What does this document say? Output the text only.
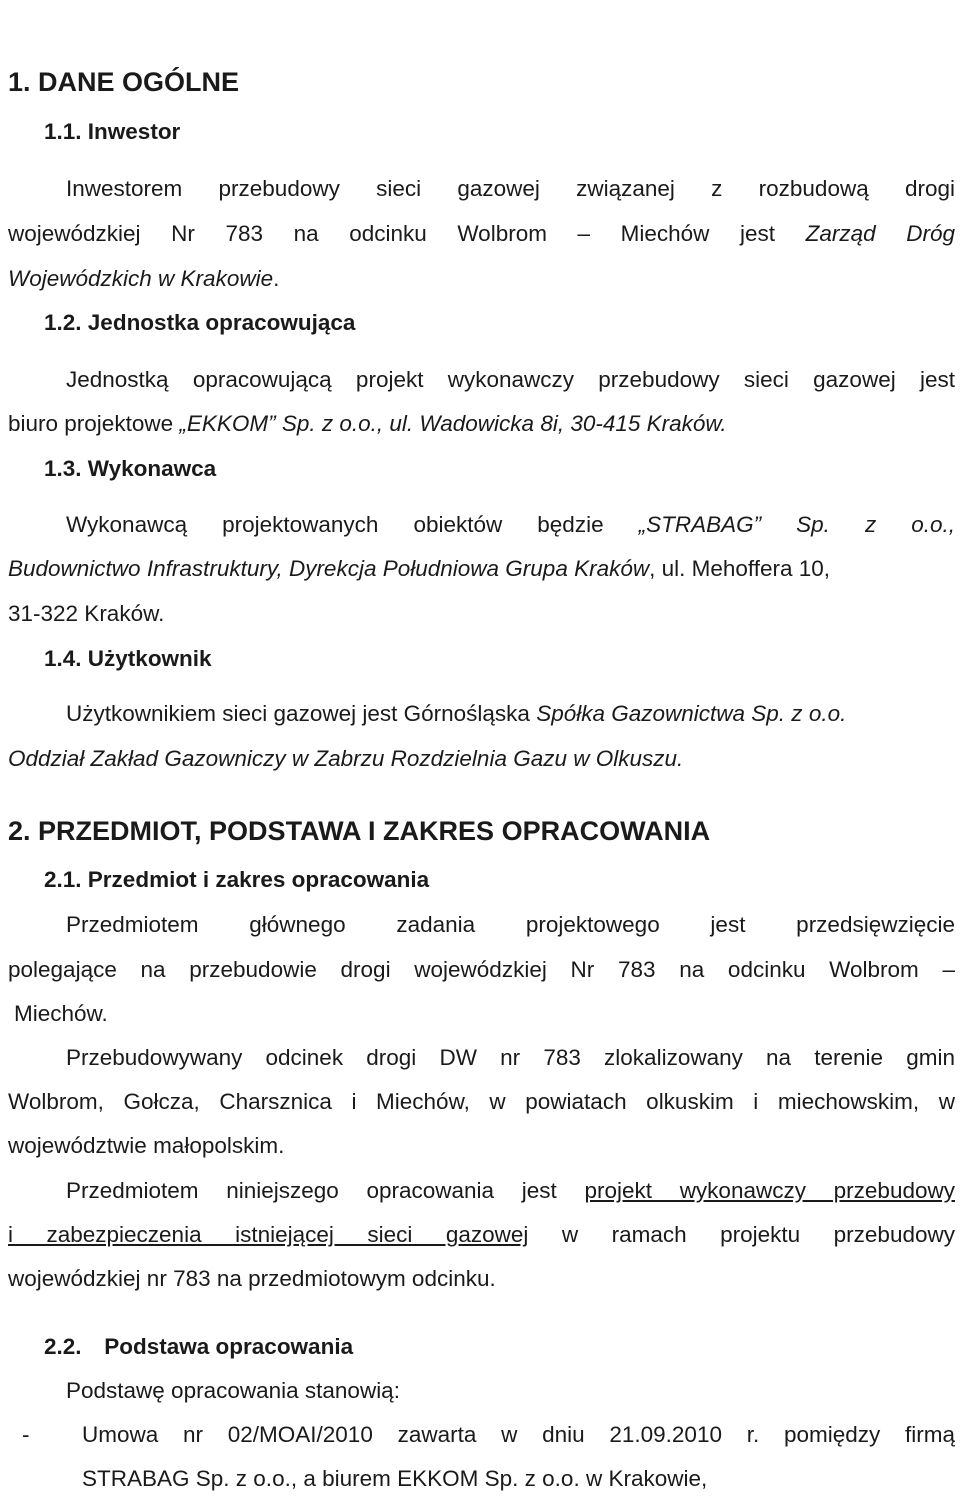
1. DANE OGÓLNE
1.1. Inwestor
Inwestorem przebudowy sieci gazowej związanej z rozbudową drogi
wojewódzkiej Nr 783 na odcinku Wolbrom – Miechów jest Zarząd Dróg
Wojewódzkich w Krakowie.
1.2. Jednostka opracowująca
Jednostką opracowującą projekt wykonawczy przebudowy sieci gazowej jest
biuro projektowe „EKKOM” Sp. z o.o., ul. Wadowicka 8i, 30-415 Kraków.
1.3. Wykonawca
Wykonawcą projektowanych obiektów będzie „STRABAG” Sp. z o.o.,
Budownictwo Infrastruktury, Dyrekcja Południowa Grupa Kraków, ul. Mehoffera 10,
31-322 Kraków.
1.4. Użytkownik
Użytkownikiem sieci gazowej jest Górnośląska Spółka Gazownictwa Sp. z o.o.
Oddział Zakład Gazowniczy w Zabrzu Rozdzielnia Gazu w Olkuszu.
2. PRZEDMIOT, PODSTAWA I ZAKRES OPRACOWANIA
2.1. Przedmiot i zakres opracowania
Przedmiotem głównego zadania projektowego jest przedsięwzięcie
polegające na przebudowie drogi wojewódzkiej Nr 783 na odcinku Wolbrom –
Miechów.
Przebudowywany odcinek drogi DW nr 783 zlokalizowany na terenie gmin
Wolbrom, Gołcza, Charsznica i Miechów, w powiatach olkuskim i miechowskim, w
województwie małopolskim.
Przedmiotem niniejszego opracowania jest projekt wykonawczy przebudowy
i zabezpieczenia istniejącej sieci gazowej w ramach projektu przebudowy
wojewódzkiej nr 783 na przedmiotowym odcinku.
2.2. Podstawa opracowania
Podstawę opracowania stanowią:
- Umowa nr 02/MOAI/2010 zawarta w dniu 21.09.2010 r. pomiędzy firmą
STRABAG Sp. z o.o., a biurem EKKOM Sp. z o.o. w Krakowie,
